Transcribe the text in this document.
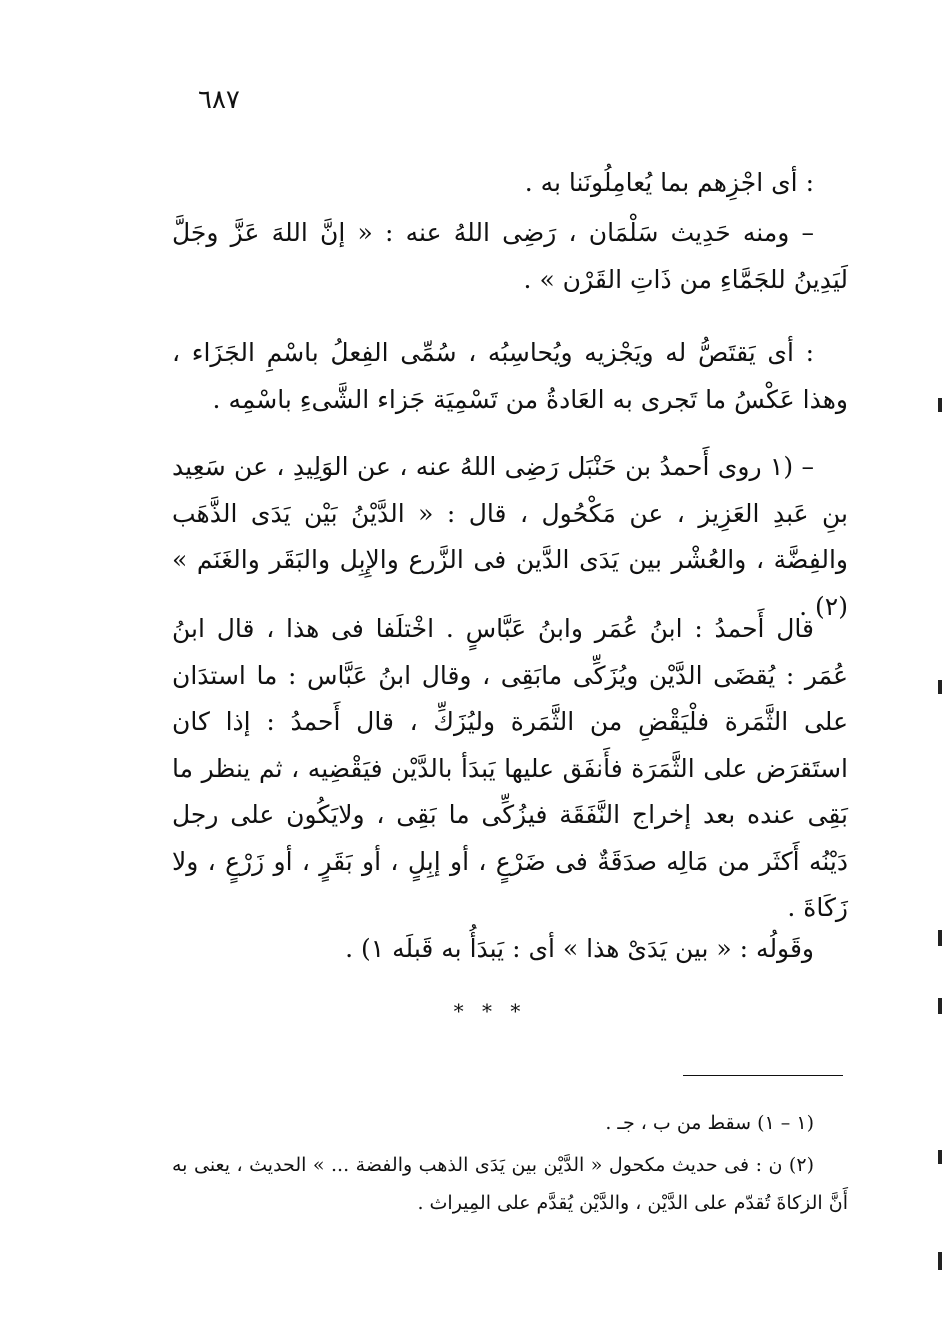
٦٨٧

: أى اجْزِهم بما يُعامِلُونَنا به .

– ومنه حَدِيث سَلْمَان ، رَضِى اللهُ عنه : « إنَّ اللهَ عَزَّ وجَلَّ لَيَدِينُ للجَمَّاءِ من ذَاتِ القَرْن » .

: أى يَقتَصُّ له ويَجْزيه ويُحاسِبُه ، سُمِّى الفِعلُ باسْمِ الجَزَاء ، وهذا عَكْسُ ما تَجرى به العَادةُ من تَسْمِيَة جَزاء الشَّىءِ باسْمِه .

– (١ روى أَحمدُ بن حَنْبَل رَضِى اللهُ عنه ، عن الوَلِيدِ ، عن سَعِيد بنِ عَبدِ العَزِيز ، عن مَكْحُول ، قال : « الدَّيْنُ بَيْن يَدَى الذَّهَب والفِضَّة ، والعُشْر بين يَدَى الدَّين فى الزَّرع والإِبِل والبَقَر والغَنَم » (٢) .

قال أَحمدُ : ابنُ عُمَر وابنُ عَبَّاسٍ . اخْتلَفا فى هذا ، قال ابنُ عُمَر : يُقضَى الدَّيْن ويُزَكِّى مابَقِى ، وقال ابنُ عَبَّاس : ما استدَان على الثَّمَرة فلْيَقْضِ من الثَّمَرة وليُزَكِّ ، قال أَحمدُ : إذا كان استَقرَض على الثَّمَرَة فأَنفَق عليها يَبدَأ بالدَّيْن فيَقْضِيه ، ثم ينظر ما بَقِى عنده بعد إخراج النَّفَقَة فيزُكِّى ما بَقِى ، ولايَكُون على رجل دَيْنُه أَكثَر من مَالِه صدَقَةٌ فى ضَرْعٍ ، أو إبِلٍ ، أو بَقَرٍ ، أو زَرْعٍ ، ولا زَكَاةَ .

وقَولُه : « بين يَدَىْ هذا » أى : يَبدَأُ به قَبلَه ١) .

* * *

(١ – ١) سقط من ب ، جـ .

(٢) ن : فى حديث مكحول « الدَّيْن بين يَدَى الذهب والفضة ... » الحديث ، يعنى به أَنَّ الزكاةَ تُقدّم على الدَّيْن ، والدَّيْن يُقدَّم على المِيراث .
